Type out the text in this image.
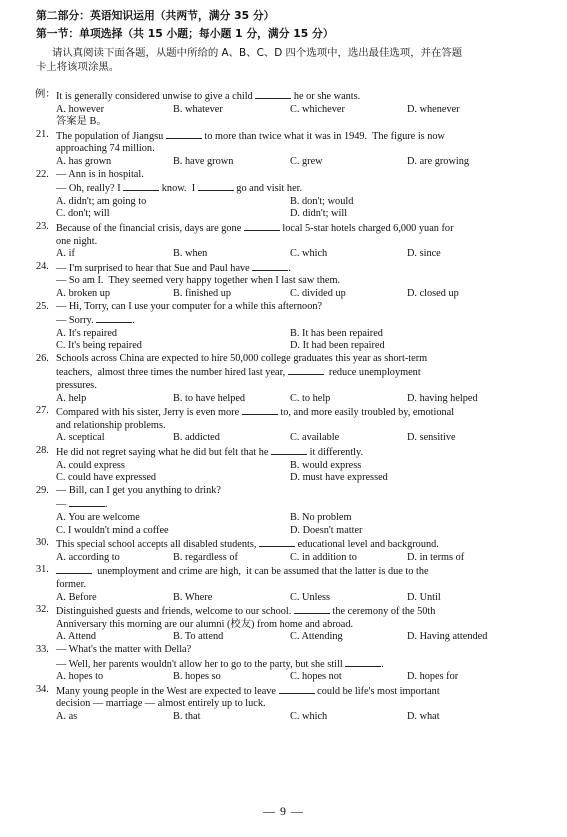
第二部分：英语知识运用（共两节，满分 35 分）
第一节：单项选择（共 15 小题；每小题 1 分，满分 15 分）
请认真阅读下面各题，从题中所给的 A、B、C、D 四个选项中，选出最佳选项，并在答题
卡上将该项涂黑。
例： It is generally considered unwise to give a child	he or she wants.
A. however	B. whatever	C. whichever	D. whenever
答案是 B。
21. The population of Jiangsu	to more than twice what it was in 1949.  The figure is now
approaching 74 million.
A. has grown	B. have grown	C. grew	D. are growing
22. — Ann is in hospital.
— Oh, really? I	know.  I	go and visit her.
A. didn't; am going to	B. don't; would
C. don't; will	D. didn't; will
23. Because of the financial crisis, days are gone	local 5-star hotels charged 6,000 yuan for
one night.
A. if	B. when	C. which	D. since
24. — I'm surprised to hear that Sue and Paul have	.
— So am I.  They seemed very happy together when I last saw them.
A. broken up	B. finished up	C. divided up	D. closed up
25. — Hi, Torry, can I use your computer for a while this afternoon?
— Sorry.	.
A. It's repaired	B. It has been repaired
C. It's being repaired	D. It had been repaired
26. Schools across China are expected to hire 50,000 college graduates this year as short-term
teachers,  almost three times the number hired last year,	reduce unemployment
pressures.
A. help	B. to have helped	C. to help	D. having helped
27. Compared with his sister, Jerry is even more	to, and more easily troubled by, emotional
and relationship problems.
A. sceptical	B. addicted	C. available	D. sensitive
28. He did not regret saying what he did but felt that he	it differently.
A. could express	B. would express
C. could have expressed	D. must have expressed
29. — Bill, can I get you anything to drink?
—	.
A. You are welcome	B. No problem
C. I wouldn't mind a coffee	D. Doesn't matter
30. This special school accepts all disabled students,	educational level and background.
A. according to	B. regardless of	C. in addition to	D. in terms of
31.	unemployment and crime are high,  it can be assumed that the latter is due to the
former.
A. Before	B. Where	C. Unless	D. Until
32. Distinguished guests and friends, welcome to our school.	the ceremony of the 50th
Anniversary this morning are our alumni (校友) from home and abroad.
A. Attend	B. To attend	C. Attending	D. Having attended
33. — What's the matter with Della?
— Well, her parents wouldn't allow her to go to the party, but she still	.
A. hopes to	B. hopes so	C. hopes not	D. hopes for
34. Many young people in the West are expected to leave	could be life's most important
decision — marriage — almost entirely up to luck.
A. as	B. that	C. which	D. what
— 9 —
